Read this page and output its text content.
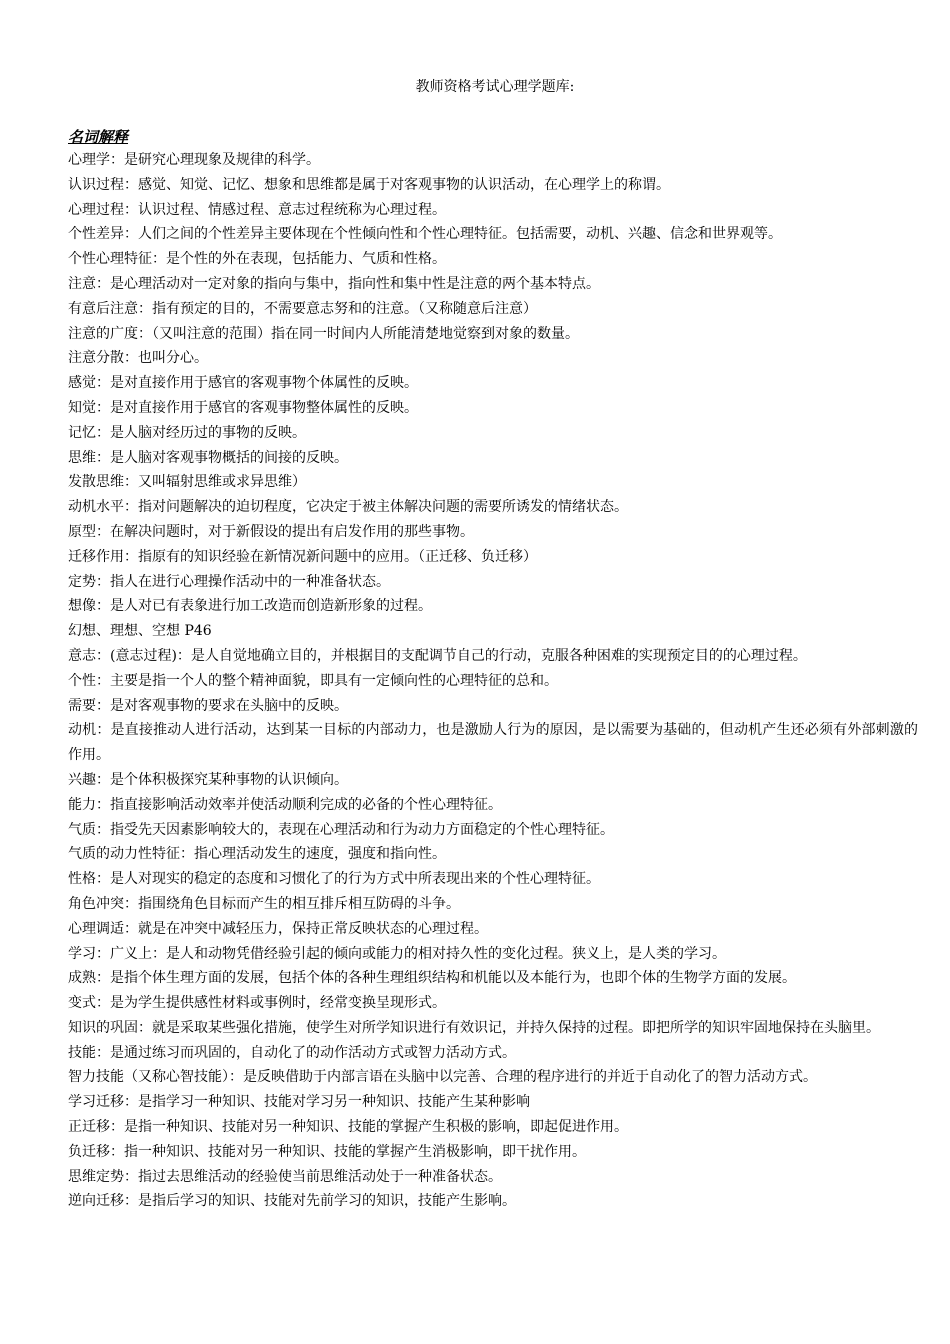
教师资格考试心理学题库:
名词解释
心理学：是研究心理现象及规律的科学。
认识过程：感觉、知觉、记忆、想象和思维都是属于对客观事物的认识活动，在心理学上的称谓。
心理过程：认识过程、情感过程、意志过程统称为心理过程。
个性差异：人们之间的个性差异主要体现在个性倾向性和个性心理特征。包括需要，动机、兴趣、信念和世界观等。
个性心理特征：是个性的外在表现，包括能力、气质和性格。
注意：是心理活动对一定对象的指向与集中，指向性和集中性是注意的两个基本特点。
有意后注意：指有预定的目的，不需要意志努和的注意。（又称随意后注意）
注意的广度：（又叫注意的范围）指在同一时间内人所能清楚地觉察到对象的数量。
注意分散：也叫分心。
感觉：是对直接作用于感官的客观事物个体属性的反映。
知觉：是对直接作用于感官的客观事物整体属性的反映。
记忆：是人脑对经历过的事物的反映。
思维：是人脑对客观事物概括的间接的反映。
发散思维：又叫辐射思维或求异思维）
动机水平：指对问题解决的迫切程度，它决定于被主体解决问题的需要所诱发的情绪状态。
原型：在解决问题时，对于新假设的提出有启发作用的那些事物。
迁移作用：指原有的知识经验在新情况新问题中的应用。（正迁移、负迁移）
定势：指人在进行心理操作活动中的一种准备状态。
想像：是人对已有表象进行加工改造而创造新形象的过程。
幻想、理想、空想 P46
意志：(意志过程)：是人自觉地确立目的，并根据目的支配调节自己的行动，克服各种困难的实现预定目的的心理过程。
个性：主要是指一个人的整个精神面貌，即具有一定倾向性的心理特征的总和。
需要：是对客观事物的要求在头脑中的反映。
动机：是直接推动人进行活动，达到某一目标的内部动力，也是激励人行为的原因，是以需要为基础的，但动机产生还必须有外部刺激的作用。
兴趣：是个体积极探究某种事物的认识倾向。
能力：指直接影响活动效率并使活动顺利完成的必备的个性心理特征。
气质：指受先天因素影响较大的，表现在心理活动和行为动力方面稳定的个性心理特征。
气质的动力性特征：指心理活动发生的速度，强度和指向性。
性格：是人对现实的稳定的态度和习惯化了的行为方式中所表现出来的个性心理特征。
角色冲突：指围绕角色目标而产生的相互排斥相互防碍的斗争。
心理调适：就是在冲突中减轻压力，保持正常反映状态的心理过程。
学习：广义上：是人和动物凭借经验引起的倾向或能力的相对持久性的变化过程。狭义上，是人类的学习。
成熟：是指个体生理方面的发展，包括个体的各种生理组织结构和机能以及本能行为，也即个体的生物学方面的发展。
变式：是为学生提供感性材料或事例时，经常变换呈现形式。
知识的巩固：就是采取某些强化措施，使学生对所学知识进行有效识记，并持久保持的过程。即把所学的知识牢固地保持在头脑里。
技能：是通过练习而巩固的，自动化了的动作活动方式或智力活动方式。
智力技能（又称心智技能）：是反映借助于内部言语在头脑中以完善、合理的程序进行的并近于自动化了的智力活动方式。
学习迁移：是指学习一种知识、技能对学习另一种知识、技能产生某种影响
正迁移：是指一种知识、技能对另一种知识、技能的掌握产生积极的影响，即起促进作用。
负迁移：指一种知识、技能对另一种知识、技能的掌握产生消极影响，即干扰作用。
思维定势：指过去思维活动的经验使当前思维活动处于一种准备状态。
逆向迁移：是指后学习的知识、技能对先前学习的知识，技能产生影响。
